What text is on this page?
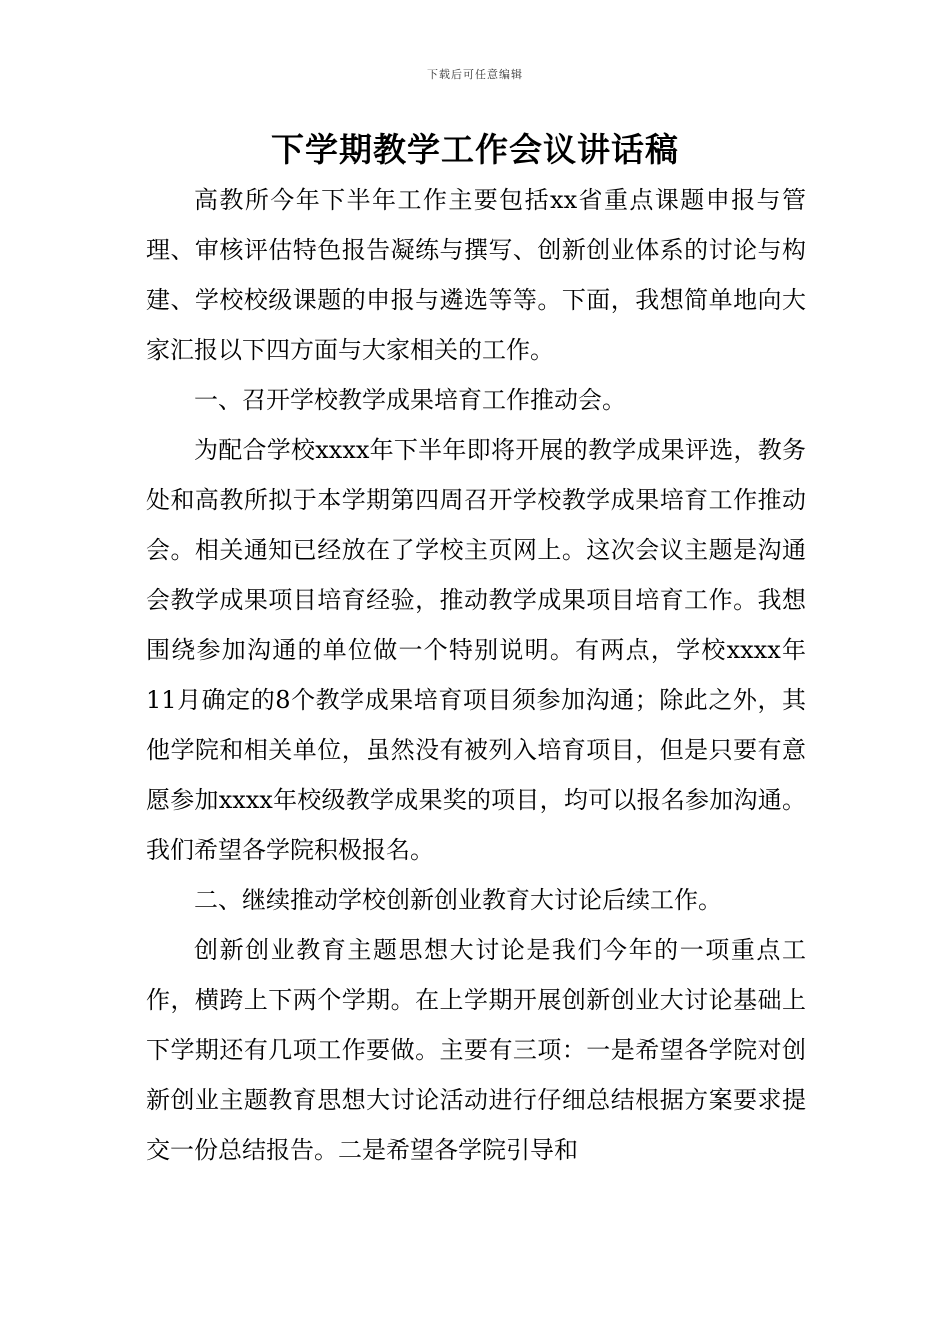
下载后可任意编辑
下学期教学工作会议讲话稿

高教所今年下半年工作主要包括xx省重点课题申报与管理、审核评估特色报告凝练与撰写、创新创业体系的讨论与构建、学校校级课题的申报与遴选等等。下面，我想简单地向大家汇报以下四方面与大家相关的工作。

一、召开学校教学成果培育工作推动会。

为配合学校xxxx年下半年即将开展的教学成果评选，教务处和高教所拟于本学期第四周召开学校教学成果培育工作推动会。相关通知已经放在了学校主页网上。这次会议主题是沟通会教学成果项目培育经验，推动教学成果项目培育工作。我想围绕参加沟通的单位做一个特别说明。有两点，学校xxxx年11月确定的8个教学成果培育项目须参加沟通；除此之外，其他学院和相关单位，虽然没有被列入培育项目，但是只要有意愿参加xxxx年校级教学成果奖的项目，均可以报名参加沟通。我们希望各学院积极报名。

二、继续推动学校创新创业教育大讨论后续工作。

创新创业教育主题思想大讨论是我们今年的一项重点工作，横跨上下两个学期。在上学期开展创新创业大讨论基础上下学期还有几项工作要做。主要有三项：一是希望各学院对创新创业主题教育思想大讨论活动进行仔细总结根据方案要求提交一份总结报告。二是希望各学院引导和
